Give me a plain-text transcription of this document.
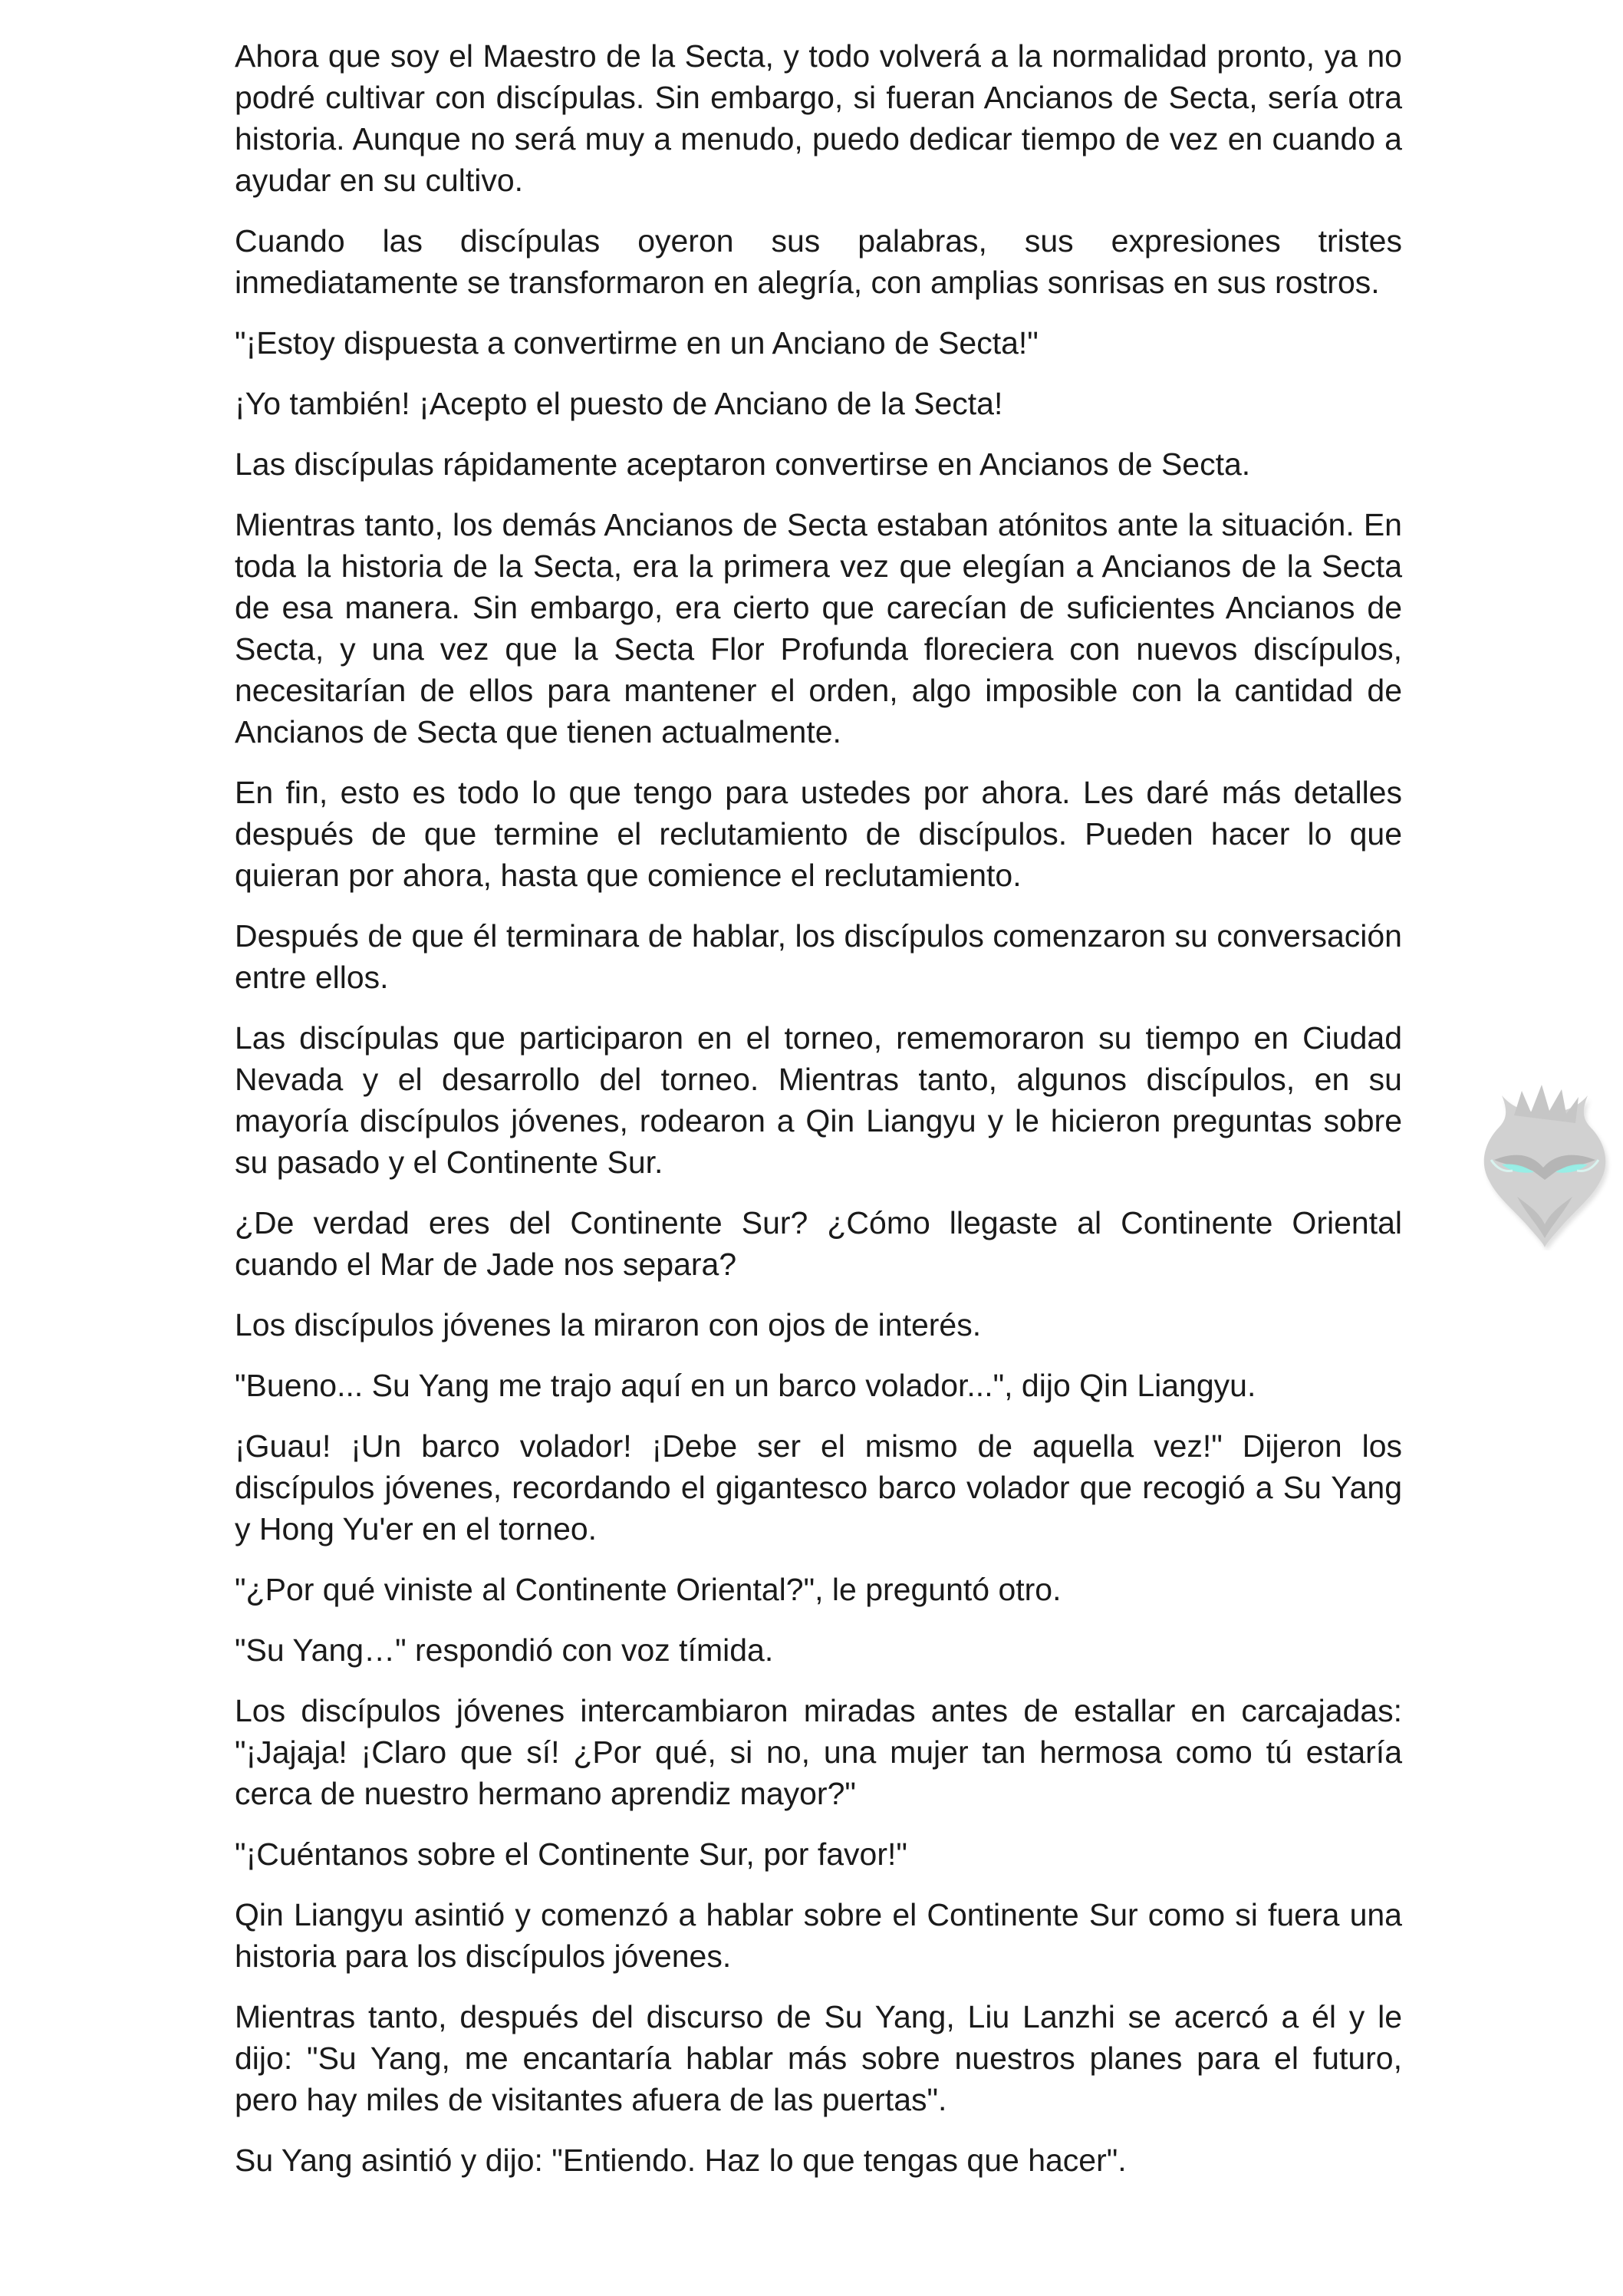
Ahora que soy el Maestro de la Secta, y todo volverá a la normalidad pronto, ya no podré cultivar con discípulas. Sin embargo, si fueran Ancianos de Secta, sería otra historia. Aunque no será muy a menudo, puedo dedicar tiempo de vez en cuando a ayudar en su cultivo.

Cuando las discípulas oyeron sus palabras, sus expresiones tristes inmediatamente se transformaron en alegría, con amplias sonrisas en sus rostros.

"¡Estoy dispuesta a convertirme en un Anciano de Secta!"

¡Yo también! ¡Acepto el puesto de Anciano de la Secta!

Las discípulas rápidamente aceptaron convertirse en Ancianos de Secta.

Mientras tanto, los demás Ancianos de Secta estaban atónitos ante la situación. En toda la historia de la Secta, era la primera vez que elegían a Ancianos de la Secta de esa manera. Sin embargo, era cierto que carecían de suficientes Ancianos de Secta, y una vez que la Secta Flor Profunda floreciera con nuevos discípulos, necesitarían de ellos para mantener el orden, algo imposible con la cantidad de Ancianos de Secta que tienen actualmente.

En fin, esto es todo lo que tengo para ustedes por ahora. Les daré más detalles después de que termine el reclutamiento de discípulos. Pueden hacer lo que quieran por ahora, hasta que comience el reclutamiento.

Después de que él terminara de hablar, los discípulos comenzaron su conversación entre ellos.

Las discípulas que participaron en el torneo, rememoraron su tiempo en Ciudad Nevada y el desarrollo del torneo. Mientras tanto, algunos discípulos, en su mayoría discípulos jóvenes, rodearon a Qin Liangyu y le hicieron preguntas sobre su pasado y el Continente Sur.

¿De verdad eres del Continente Sur? ¿Cómo llegaste al Continente Oriental cuando el Mar de Jade nos separa?

Los discípulos jóvenes la miraron con ojos de interés.

"Bueno... Su Yang me trajo aquí en un barco volador...", dijo Qin Liangyu.

¡Guau! ¡Un barco volador! ¡Debe ser el mismo de aquella vez!" Dijeron los discípulos jóvenes, recordando el gigantesco barco volador que recogió a Su Yang y Hong Yu'er en el torneo.

"¿Por qué viniste al Continente Oriental?", le preguntó otro.

"Su Yang…" respondió con voz tímida.

Los discípulos jóvenes intercambiaron miradas antes de estallar en carcajadas: "¡Jajaja! ¡Claro que sí! ¿Por qué, si no, una mujer tan hermosa como tú estaría cerca de nuestro hermano aprendiz mayor?"

"¡Cuéntanos sobre el Continente Sur, por favor!"

Qin Liangyu asintió y comenzó a hablar sobre el Continente Sur como si fuera una historia para los discípulos jóvenes.

Mientras tanto, después del discurso de Su Yang, Liu Lanzhi se acercó a él y le dijo: "Su Yang, me encantaría hablar más sobre nuestros planes para el futuro, pero hay miles de visitantes afuera de las puertas".

Su Yang asintió y dijo: "Entiendo. Haz lo que tengas que hacer".
